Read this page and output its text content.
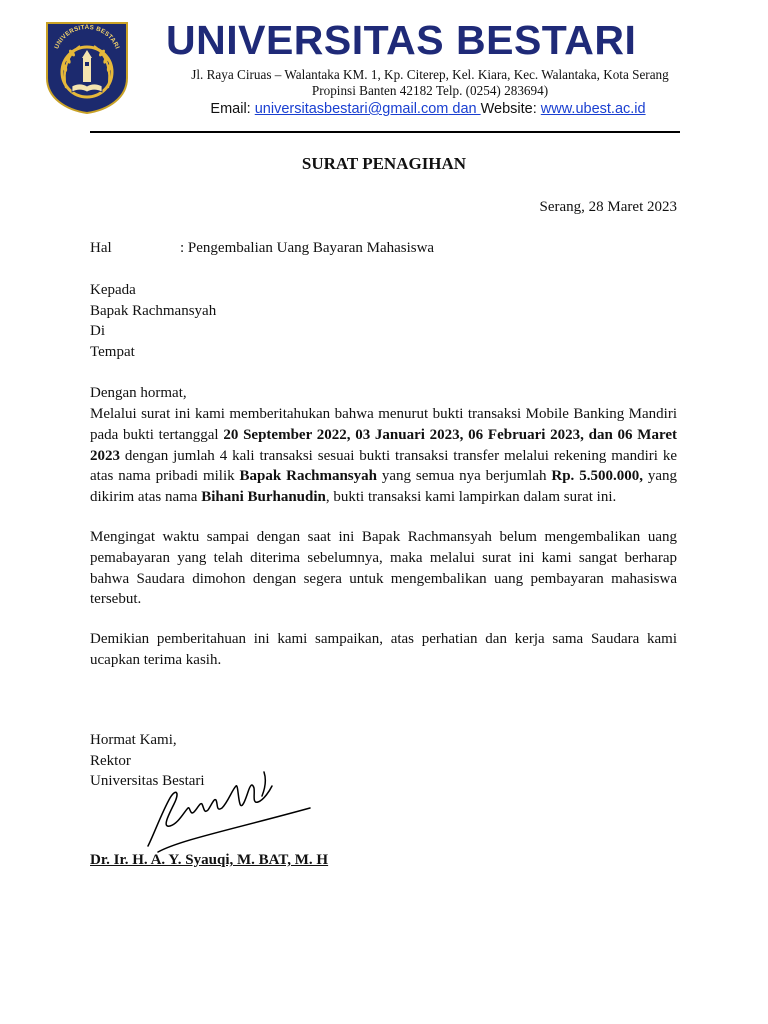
UNIVERSITAS BESTARI UNIVERSITAS BESTARI
Jl. Raya Ciruas – Walantaka KM. 1, Kp. Citerep, Kel. Kiara, Kec. Walantaka, Kota Serang
Propinsi Banten 42182 Telp. (0254) 283694)
Email: universitasbestari@gmail.com dan Website: www.ubest.ac.id
SURAT PENAGIHAN
Serang, 28 Maret 2023
Hal	: Pengembalian Uang Bayaran Mahasiswa
Kepada
Bapak Rachmansyah
Di
Tempat
Dengan hormat,
Melalui surat ini kami memberitahukan bahwa menurut bukti transaksi Mobile Banking Mandiri pada bukti tertanggal 20 September 2022, 03 Januari 2023, 06 Februari 2023, dan 06 Maret 2023 dengan jumlah 4 kali transaksi sesuai bukti transaksi transfer melalui rekening mandiri ke atas nama pribadi milik Bapak Rachmansyah yang semua nya berjumlah Rp. 5.500.000, yang dikirim atas nama Bihani Burhanudin, bukti transaksi kami lampirkan dalam surat ini.
Mengingat waktu sampai dengan saat ini Bapak Rachmansyah belum mengembalikan uang pemabayaran yang telah diterima sebelumnya, maka melalui surat ini kami sangat berharap bahwa Saudara dimohon dengan segera untuk mengembalikan uang pembayaran mahasiswa tersebut.
Demikian pemberitahuan ini kami sampaikan, atas perhatian dan kerja sama Saudara kami ucapkan terima kasih.
Hormat Kami,
Rektor
Universitas Bestari
Dr. Ir. H. A. Y. Syauqi, M. BAT, M. H
